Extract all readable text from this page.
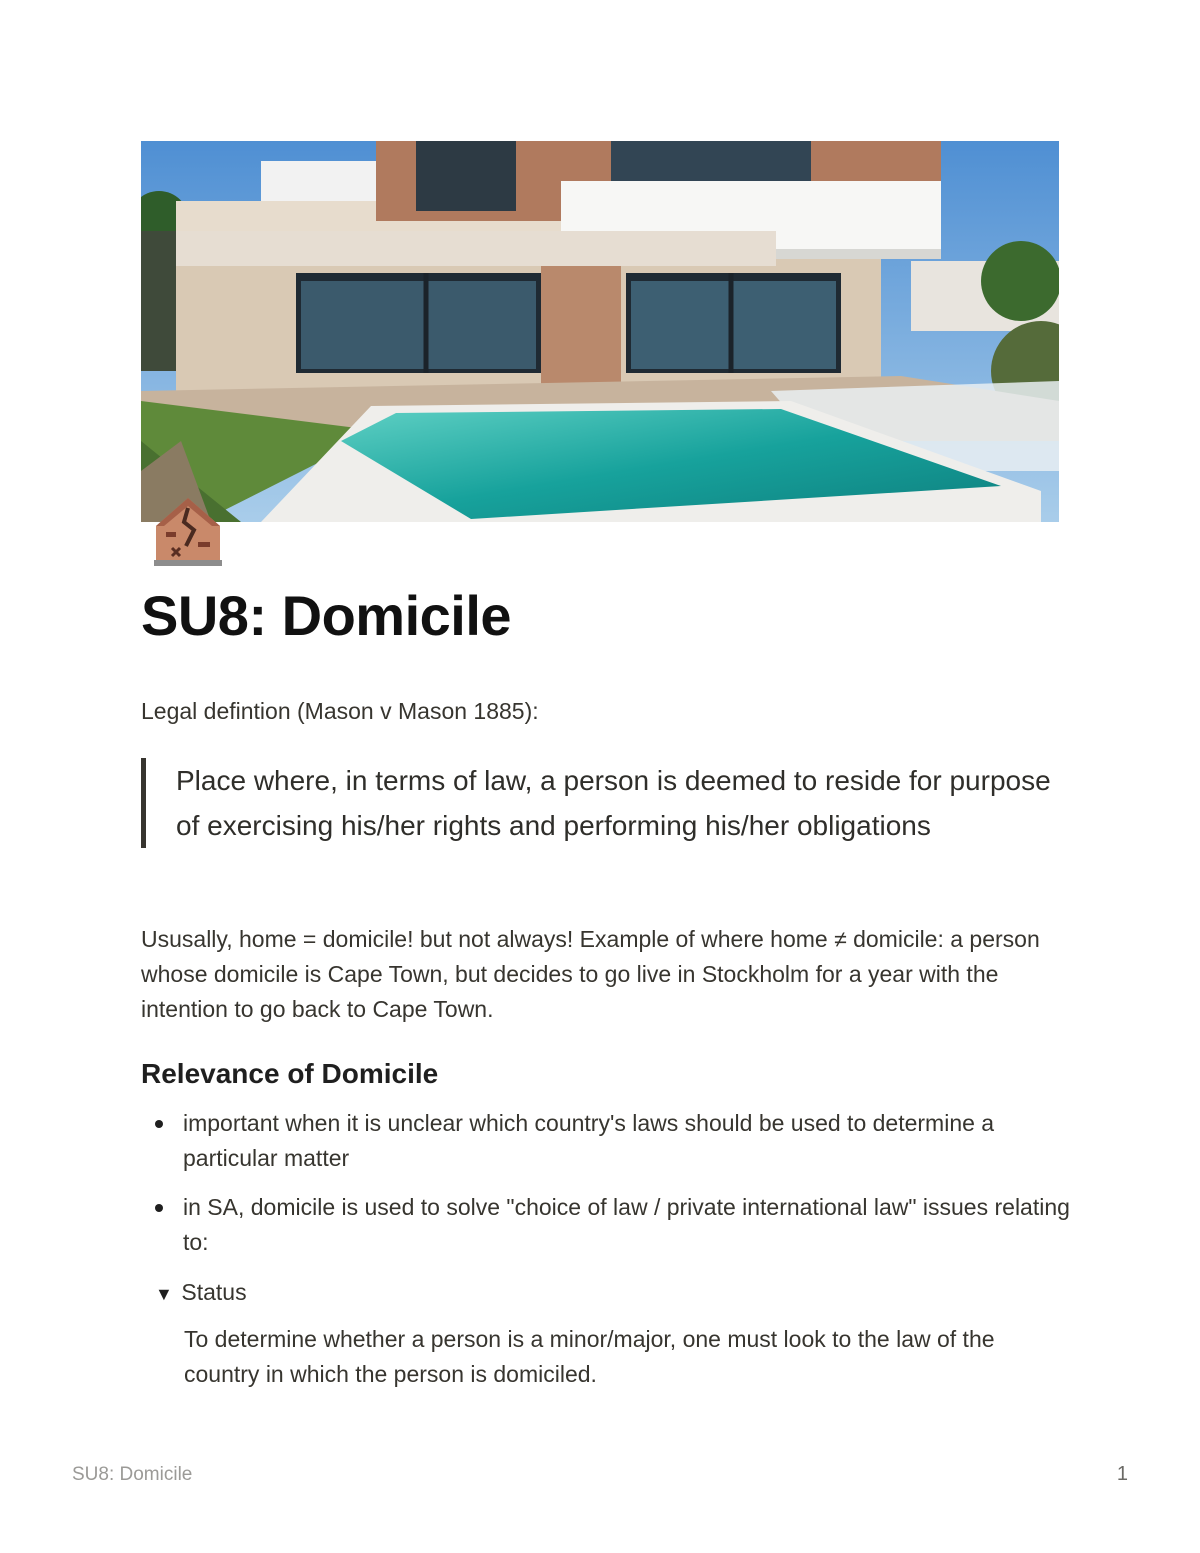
SU8: Domicile

Legal defintion (Mason v Mason 1885):

Place where, in terms of law, a person is deemed to reside for purpose of exercising his/her rights and performing his/her obligations

Ususally, home = domicile! but not always! Example of where home ≠ domicile: a person whose domicile is Cape Town, but decides to go live in Stockholm for a year with the intention to go back to Cape Town.

Relevance of Domicile
important when it is unclear which country's laws should be used to determine a particular matter
in SA, domicile is used to solve "choice of law / private international law" issues relating to:
▼ Status

To determine whether a person is a minor/major, one must look to the law of the country in which the person is domiciled.

SU8: Domicile	1
